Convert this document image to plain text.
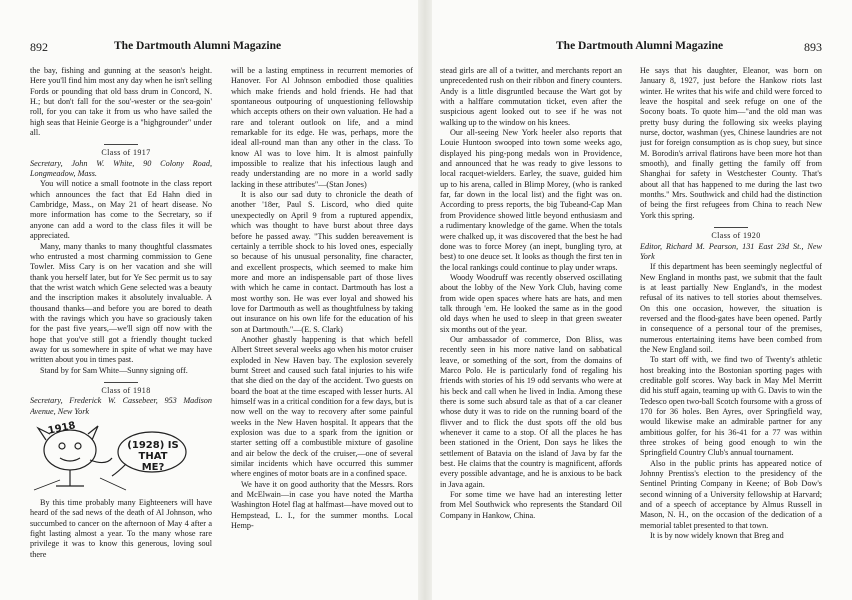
892	The Dartmouth Alumni Magazine

the bay, fishing and gunning at the season's height. Here you'll find him most any day when he isn't selling Fords or pounding that old bass drum in Concord, N. H.; but don't fall for the sou'-wester or the sea-goin' roll, for you can take it from us who have sailed the high seas that Heinie George is a "highgrounder" under all.

Class of 1917

Secretary, John W. White, 90 Colony Road, Longmeadow, Mass.

You will notice a small footnote in the class report which announces the fact that Ed Hahn died in Cambridge, Mass., on May 21 of heart disease. No more information has come to the Secretary, so if anyone can add a word to the class files it will be appreciated.

Many, many thanks to many thoughtful classmates who entrusted a most charming commission to Gene Towler. Miss Cary is on her vacation and she will thank you herself later, but for Ye Sec permit us to say that the wrist watch which Gene selected was a beauty and the inscription makes it absolutely invaluable. A thousand thanks—and before you are bored to death with the ravings which you have so graciously taken for the past five years,—we'll sign off now with the hope that you've still got a friendly thought tucked away for us somewhere in spite of what we may have written about you in times past.

Stand by for Sam White—Sunny signing off.

Class of 1918

Secretary, Frederick W. Cassebeer, 953 Madison Avenue, New York

1918
(1928) IS THAT ME?

By this time probably many Eighteeners will have heard of the sad news of the death of Al Johnson, who succumbed to cancer on the afternoon of May 4 after a fight lasting almost a year. To the many whose rare privilege it was to know this generous, loving soul there

will be a lasting emptiness in recurrent memories of Hanover. For Al Johnson embodied those qualities which make friends and hold friends. He had that spontaneous outpouring of unquestioning fellowship which accepts others on their own valuation. He had a rare and tolerant outlook on life, and a mind remarkable for its edge. He was, perhaps, more the ideal all-round man than any other in the class. To know Al was to love him. It is almost painfully impossible to realize that his infectious laugh and ready understanding are no more in a world sadly lacking in these attributes"—(Stan Jones)

It is also our sad duty to chronicle the death of another '18er, Paul S. Liscord, who died quite unexpectedly on April 9 from a ruptured appendix, which was thought to have burst about three days before he passed away. "This sudden bereavement is certainly a terrible shock to his loved ones, especially so because of his unusual personality, fine character, and excellent prospects, which seemed to make him more and more an indispensable part of those lives with which he came in contact. Dartmouth has lost a most worthy son. He was ever loyal and showed his love for Dartmouth as well as thoughtfulness by taking out insurance on his own life for the education of his son at Dartmouth."—(E. S. Clark)

Another ghastly happening is that which befell Albert Street several weeks ago when his motor cruiser exploded in New Haven bay. The explosion severely burnt Street and caused such fatal injuries to his wife that she died on the day of the accident. Two guests on board the boat at the time escaped with lesser hurts. Al himself was in a critical condition for a few days, but is now well on the way to recovery after some painful weeks in the New Haven hospital. It appears that the explosion was due to a spark from the ignition or starter setting off a combustible mixture of gasoline and air below the deck of the cruiser,—one of several similar incidents which have occurred this summer where engines of motor boats are in a confined space.

We have it on good authority that the Messrs. Rors and McElwain—in case you have noted the Martha Washington Hotel flag at halfmast—have moved out to Hempstead, L. I., for the summer months. Local Hemp-

The Dartmouth Alumni Magazine	893

stead girls are all of a twitter, and merchants report an unprecedented rush on their ribbon and finery counters. Andy is a little disgruntled because the Wart got by with a halffare commutation ticket, even after the suspicious agent looked out to see if he was not walking up to the window on his knees.

Our all-seeing New York heeler also reports that Louie Huntoon swooped into town some weeks ago, displayed his ping-pong medals won in Providence, and announced that he was ready to give lessons to local racquet-wielders. Earley, the suave, guided him up to his arena, called in Blimp Morey, (who is ranked far, far down in the local list) and the fight was on. According to press reports, the big Tubeand-Cap Man from Providence showed little beyond enthusiasm and a rudimentary knowledge of the game. When the totals were chalked up, it was discovered that the best he had done was to force Morey (an inept, bungling tyro, at best) to one deuce set. It looks as though the first ten in the local rankings could continue to play under wraps.

Woody Woodruff was recently observed oscillating about the lobby of the New York Club, having come from wide open spaces where hats are hats, and men talk through 'em. He looked the same as in the good old days when he used to sleep in that green sweater six months out of the year.

Our ambassador of commerce, Don Bliss, was recently seen in his more native land on sabbatical leave, or something of the sort, from the domains of Marco Polo. He is particularly fond of regaling his friends with stories of his 19 odd servants who were at his beck and call when he lived in India. Among these there is some such absurd tale as that of a car cleaner whose duty it was to ride on the running board of the flivver and to flick the dust spots off the old bus whenever it came to a stop. Of all the places he has been stationed in the Orient, Don says he likes the settlement of Batavia on the island of Java by far the best. He claims that the country is magnificent, affords every possible advantage, and he is anxious to be back in Java again.

For some time we have had an interesting letter from Mel Southwick who represents the Standard Oil Company in Hankow, China.

He says that his daughter, Eleanor, was born on January 8, 1927, just before the Hankow riots last winter. He writes that his wife and child were forced to leave the hospital and seek refuge on one of the Socony boats. To quote him—"and the old man was pretty busy during the following six weeks playing nurse, doctor, washman (yes, Chinese laundries are not just for foreign consumption as is chop suey, but since M. Borodin's arrival flatirons have been more hot than smooth), and finally getting the family off from Shanghai for safety in Westchester County. That's about all that has happened to me during the last two months." Mrs. Southwick and child had the distinction of being the first refugees from China to reach New York this spring.

Class of 1920

Editor, Richard M. Pearson, 131 East 23d St., New York

If this department has been seemingly neglectful of New England in months past, we submit that the fault is at least partially New England's, in the modest refusal of its natives to tell stories about themselves. On this one occasion, however, the situation is reversed and the flood-gates have been opened. Partly in consequence of a personal tour of the premises, numerous entertaining items have been combed from the New England soil.

To start off with, we find two of Twenty's athletic host breaking into the Bostonian sporting pages with creditable golf scores. Way back in May Mel Merritt did his stuff again, teaming up with G. Davis to win the Tedesco open two-ball Scotch foursome with a gross of 170 for 36 holes. Ben Ayres, over Springfield way, would likewise make an admirable partner for any ambitious golfer, for his 36-41 for a 77 was within three strokes of being good enough to win the Springfield Country Club's annual tournament.

Also in the public prints has appeared notice of Johnny Prentiss's election to the presidency of the Sentinel Printing Company in Keene; of Bob Dow's second winning of a University fellowship at Harvard; and of a speech of acceptance by Almus Russell in Mason, N. H., on the occasion of the dedication of a memorial tablet presented to that town.

It is by now widely known that Breg and
